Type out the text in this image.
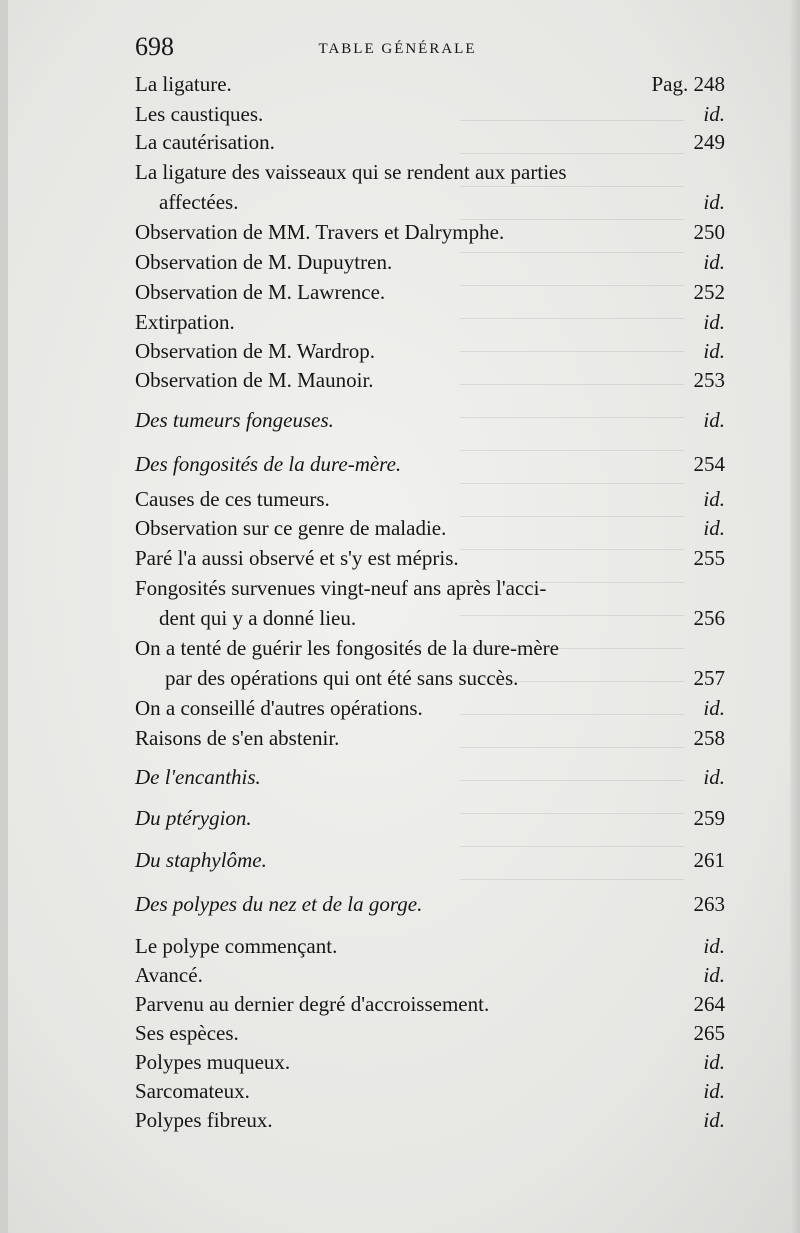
698	TABLE GÉNÉRALE
La ligature.	Pag. 248
Les caustiques.	id.
La cautérisation.	249
La ligature des vaisseaux qui se rendent aux parties
affectées.	id.
Observation de MM. Travers et Dalrymphe.	250
Observation de M. Dupuytren.	id.
Observation de M. Lawrence.	252
Extirpation.	id.
Observation de M. Wardrop.	id.
Observation de M. Maunoir.	253
Des tumeurs fongeuses.	id.
Des fongosités de la dure-mère.	254
Causes de ces tumeurs.	id.
Observation sur ce genre de maladie.	id.
Paré l'a aussi observé et s'y est mépris.	255
Fongosités survenues vingt-neuf ans après l'acci-
dent qui y a donné lieu.	256
On a tenté de guérir les fongosités de la dure-mère
par des opérations qui ont été sans succès.	257
On a conseillé d'autres opérations.	id.
Raisons de s'en abstenir.	258
De l'encanthis.	id.
Du ptérygion.	259
Du staphylôme.	261
Des polypes du nez et de la gorge.	263
Le polype commençant.	id.
Avancé.	id.
Parvenu au dernier degré d'accroissement.	264
Ses espèces.	265
Polypes muqueux.	id.
Sarcomateux.	id.
Polypes fibreux.	id.
